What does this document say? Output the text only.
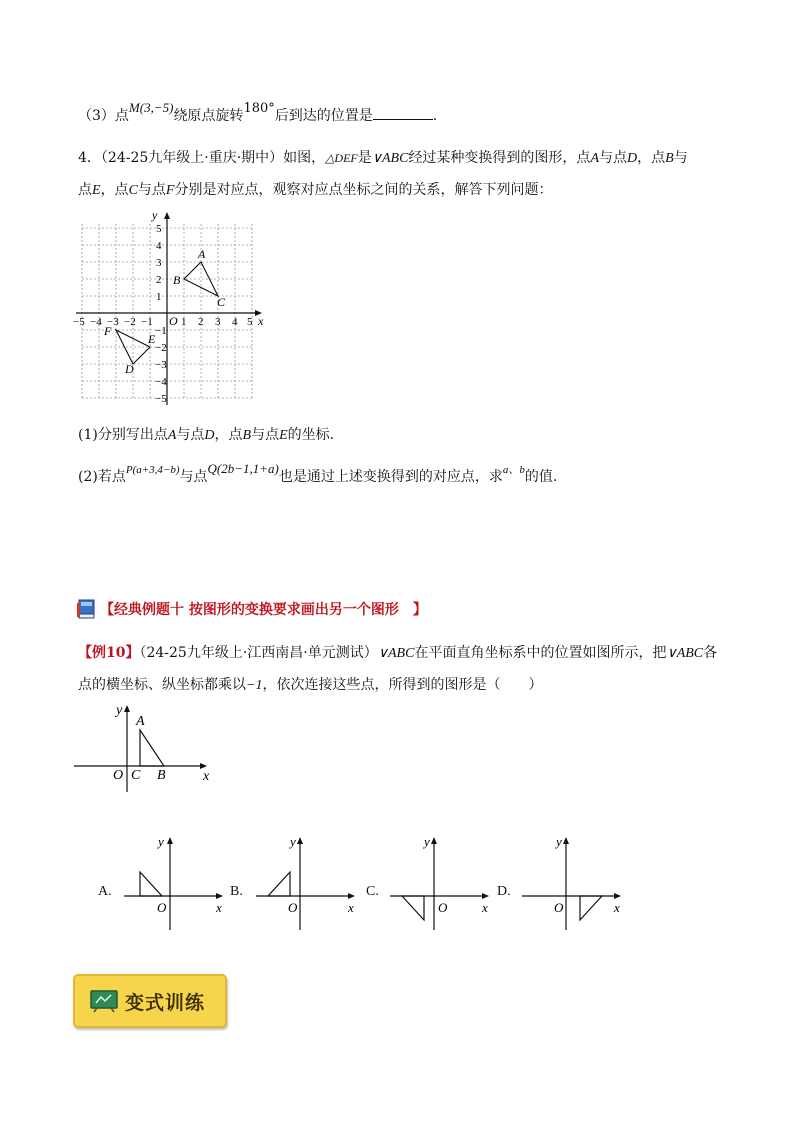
（3）点M(3,−5)绕原点旋转180°后到达的位置是	.
4．（24-25九年级上·重庆·期中）如图，△DEF是∨ABC经过某种变换得到的图形，点A与点D，点B与
点E，点C与点F分别是对应点，观察对应点坐标之间的关系，解答下列问题：
x
y
O
−5 −4 −3 −2 −1	1 2 3 4 5
1
2
3
4
5
−1
−2
−3
−4
−5
A
B
C
F
E
D
(1)分别写出点A与点D，点B与点E的坐标.
(2)若点$^{P(a+3,4-b)}$与点Q(2b−1,1+a)也是通过上述变换得到的对应点，求$^{a、b}$的值.
【经典例题十 按图形的变换要求画出另一个图形　】
【例10】（24-25九年级上·江西南昌·单元测试）∨ABC在平面直角坐标系中的位置如图所示，把∨ABC各
点的横坐标、纵坐标都乘以−1，依次连接这些点，所得到的图形是（　　）
y
x
A
O C B
A.
y
x
O
B.
y
x
O
C.
y
x
O
D.
y
x
O
变式训练
